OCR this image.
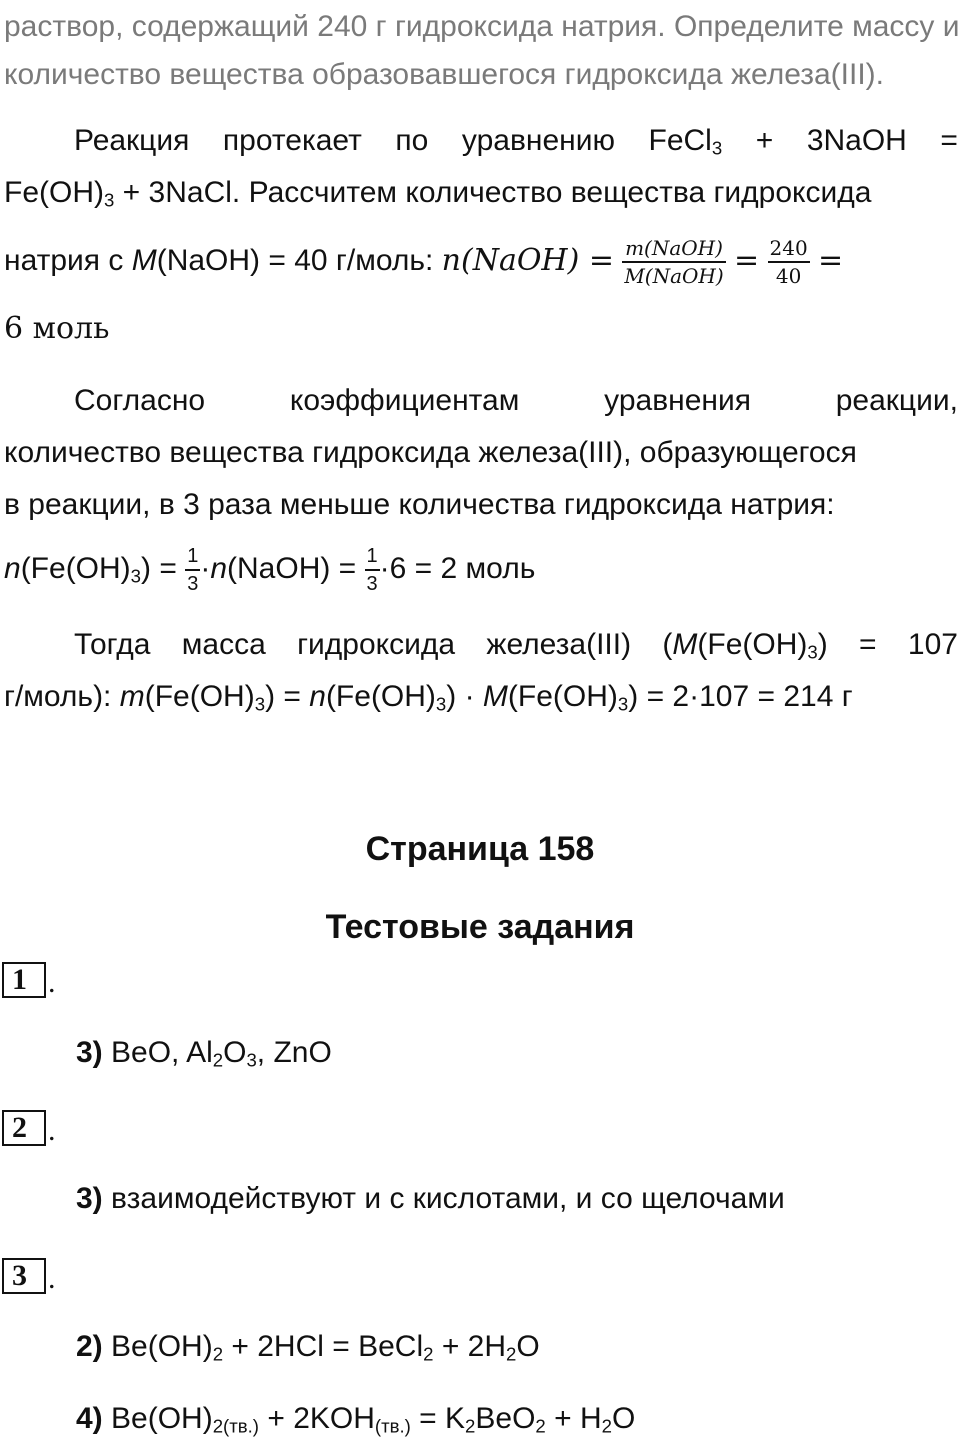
раствор, содержащий 240 г гидроксида натрия. Определите массу и
количество вещества образовавшегося гидроксида железа(III).
Реакция протекает по уравнению FeCl$_3$ + 3NaOH =
$Fe(OH)_3$ + 3NaCl. Рассчитем количество вещества гидроксида
натрия с M(NaOH) = 40 г/моль: n(NaOH) = $\frac{\text{m(NaOH)}}{\text{M(NaOH)}} = \frac{240}{40}$ =
6 моль
Согласно	коэффициентам	уравнения	реакции,
количество вещества гидроксида железа(III), образующегося
в реакции, в 3 раза меньше количества гидроксида натрия:
$n(Fe(OH)_3) = \frac{1}{3}$ ·n(NaOH) = $\frac{1}{3} \cdot 6 = 2$ моль
Тогда масса гидроксида железа(III) ($M(Fe(OH)_3) = 107$
г/моль): $m(Fe(OH)_3) = n(Fe(OH)_3) \cdot M(Fe(OH)_3) = 2\cdot 107 = 214$ г
Страница 158
Тестовые задания
1 .
3) BeO, $Al_2O_3$, ZnO
2 .
3) взаимодействуют и с кислотами, и со щелочами
3 .
2) $Be(OH)_2 + 2HCl$ = BeCl$_2$ + $2H_2O$
4) $Be(OH)_{2(тв.)} + 2KOH_{(тв.)} = K_2BeO_2 + H_2O$
